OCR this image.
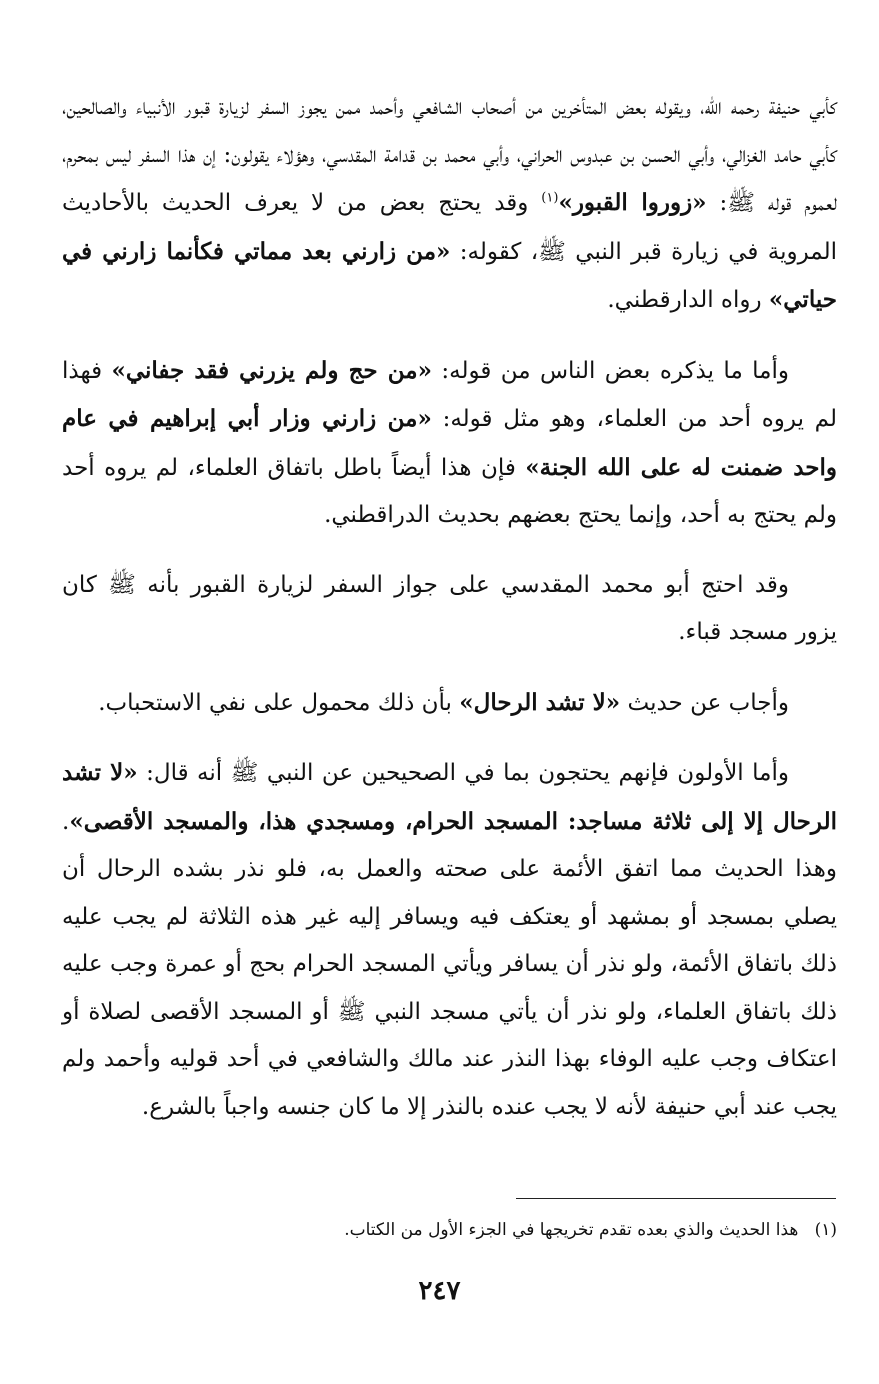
كأبي حنيفة رحمه الله، ويقوله بعض المتأخرين من أصحاب الشافعي وأحمد ممن يجوز السفر لزيارة قبور الأنبياء والصالحين، كأبي حامد الغزالي، وأبي الحسن بن عبدوس الحراني، وأبي محمد بن قدامة المقدسي، وهؤلاء يقولون: إن هذا السفر ليس بمحرم، لعموم قوله ﷺ: «زوروا القبور»$^{(١)}$ وقد يحتج بعض من لا يعرف الحديث بالأحاديث المروية في زيارة قبر النبي ﷺ، كقوله: «من زارني بعد مماتي فكأنما زارني في حياتي» رواه الدارقطني.

وأما ما يذكره بعض الناس من قوله: «من حج ولم يزرني فقد جفاني» فهذا لم يروه أحد من العلماء، وهو مثل قوله: «من زارني وزار أبي إبراهيم في عام واحد ضمنت له على الله الجنة» فإن هذا أيضاً باطل باتفاق العلماء، لم يروه أحد ولم يحتج به أحد، وإنما يحتج بعضهم بحديث الدراقطني.

وقد احتج أبو محمد المقدسي على جواز السفر لزيارة القبور بأنه ﷺ كان يزور مسجد قباء.

وأجاب عن حديث «لا تشد الرحال» بأن ذلك محمول على نفي الاستحباب.

وأما الأولون فإنهم يحتجون بما في الصحيحين عن النبي ﷺ أنه قال: «لا تشد الرحال إلا إلى ثلاثة مساجد: المسجد الحرام، ومسجدي هذا، والمسجد الأقصى». وهذا الحديث مما اتفق الأئمة على صحته والعمل به، فلو نذر بشده الرحال أن يصلي بمسجد أو بمشهد أو يعتكف فيه ويسافر إليه غير هذه الثلاثة لم يجب عليه ذلك باتفاق الأئمة، ولو نذر أن يسافر ويأتي المسجد الحرام بحج أو عمرة وجب عليه ذلك باتفاق العلماء، ولو نذر أن يأتي مسجد النبي ﷺ أو المسجد الأقصى لصلاة أو اعتكاف وجب عليه الوفاء بهذا النذر عند مالك والشافعي في أحد قوليه وأحمد ولم يجب عند أبي حنيفة لأنه لا يجب عنده بالنذر إلا ما كان جنسه واجباً بالشرع.

(١)   هذا الحديث والذي بعده تقدم تخريجها في الجزء الأول من الكتاب.
٢٤٧
